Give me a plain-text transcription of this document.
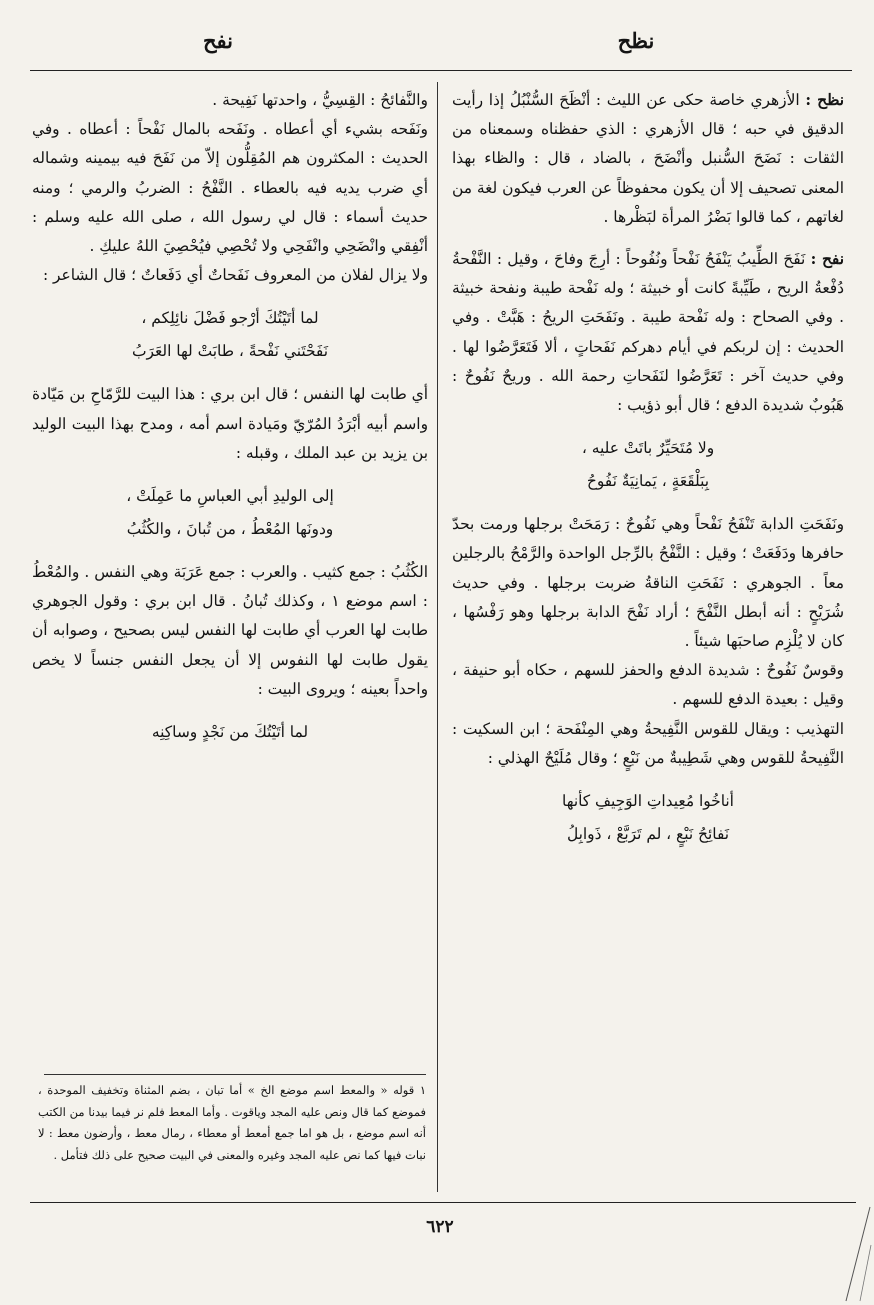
نظح
نفح

نظح : الأزهري خاصة حكى عن الليث : أنْظَحَ السُّنْبُلُ إذا رأيت الدقيق في حبه ؛ قال الأزهري : الذي حفظناه وسمعناه من الثقات : نَضَحَ السُّنبل وأنْضَحَ ، بالضاد ، قال : والظاء بهذا المعنى تصحيف إلا أن يكون محفوظاً عن العرب فيكون لغة من لغاتهم ، كما قالوا بَضْرُ المرأة لبَظْرها .

نفح : نَفَحَ الطِّيبُ يَنْفَحُ نَفْحاً ونُفُوحاً : أرِجَ وفاحَ ، وقيل : النَّفْحةُ دُفْعةُ الريح ، طَيِّبةً كانت أو خبيثة ؛ وله نَفْحة طيبة ونفحة خبيثة . وفي الصحاح : وله نَفْحة طيبة . ونَفَحَتِ الريحُ : هَبَّتْ . وفي الحديث : إن لربكم في أيام دهركم نَفَحاتٍ ، ألا فَتَعَرَّضُوا لها . وفي حديث آخر : تَعَرَّضُوا لنَفَحاتِ رحمة الله . وريحٌ نَفُوحٌ : هَبُوبٌ شديدة الدفع ؛ قال أبو ذؤيب :

ولا مُتَحَيِّرٌ باتَتْ عليه ،

بِبَلْقَعَةٍ ، يَمانِيَةٌ نَفُوحُ

ونَفَحَتِ الدابة تَنْفَحُ نَفْحاً وهي نَفُوحٌ : رَمَحَتْ برجلها ورمت بحدّ حافرها ودَفَعَتْ ؛ وقيل : النَّفْحُ بالرِّجل الواحدة والرَّمْحُ بالرجلين معاً . الجوهري : نَفَحَتِ الناقةُ ضربت برجلها . وفي حديث شُرَيْحٍ : أنه أبطل النَّفْحَ ؛ أراد نَفْحَ الدابة برجلها وهو رَفْسُها ، كان لا يُلْزِم صاحبَها شيئاً .

وقوسٌ نَفُوحٌ : شديدة الدفع والحفز للسهم ، حكاه أبو حنيفة ، وقيل : بعيدة الدفع للسهم .

التهذيب : ويقال للقوس النَّفِيحةُ وهي المِنْفَحة ؛ ابن السكيت : النَّفِيحةُ للقوس وهي شَطِيبةٌ من نَبْعٍ ؛ وقال مُلَيْحٌ الهذلي :

أناخُوا مُعِيداتِ الوَجِيفِ كأنها

نَفائِحُ نَبْعٍ ، لم تَرَبَّعْ ، ذَوابِلُ

والنَّفائحُ : القِسِيُّ ، واحدتها نَفِيحة .

ونَفَحه بشيء أي أعطاه . ونَفَحه بالمال نَفْحاً : أعطاه . وفي الحديث : المكثرون هم المُقِلُّون إلاّ من نَفَحَ فيه بيمينه وشماله أي ضرب يديه فيه بالعطاء . النَّفْحُ : الضربُ والرمي ؛ ومنه حديث أسماء : قال لي رسول الله ، صلى الله عليه وسلم : أنْفِقي وانْضَحِي وانْفَحِي ولا تُحْصِي فيُحْصِيَ اللهُ عليكِ .

ولا يزال لفلان من المعروف نَفَحاتٌ أي دَفَعاتٌ ؛ قال الشاعر :

لما أتَيْتُكَ أرْجو فَضْلَ نائِلِكم ،

نَفَحْتَني نَفْحةً ، طابَتْ لها العَرَبُ

أي طابت لها النفس ؛ قال ابن بري : هذا البيت للرَّمّاحِ بن مَيّادة واسم أبيه أبْرَدُ المُرّيّ ومَيادة اسم أمه ، ومدح بهذا البيت الوليد بن يزيد بن عبد الملك ، وقبله :

إلى الوليدِ أبي العباسِ ما عَمِلَتْ ،

ودونَها المُعْطُ ، من تُبانَ ، والكُثُبُ

الكُثُبُ : جمع كثيب . والعرب : جمع عَرَبَة وهي النفس . والمُعْطُ : اسم موضع ١ ، وكذلك تُبانُ . قال ابن بري : وقول الجوهري طابت لها العرب أي طابت لها النفس ليس بصحيح ، وصوابه أن يقول طابت لها النفوس إلا أن يجعل النفس جنساً لا يخص واحداً بعينه ؛ ويروى البيت :

لما أتَيْتُكَ من نَجْدٍ وساكِنِه

١ قوله « والمعط اسم موضع الخ » أما تبان ، بضم المثناة وتخفيف الموحدة ، فموضع كما قال ونص عليه المجد وياقوت . وأما المعط فلم نر فيما بيدنا من الكتب أنه اسم موضع ، بل هو اما جمع أمعط أو معطاء ، رمال معط ، وأرضون معط : لا نبات فيها كما نص عليه المجد وغيره والمعنى في البيت صحيح على ذلك فتأمل .
٦٢٢
